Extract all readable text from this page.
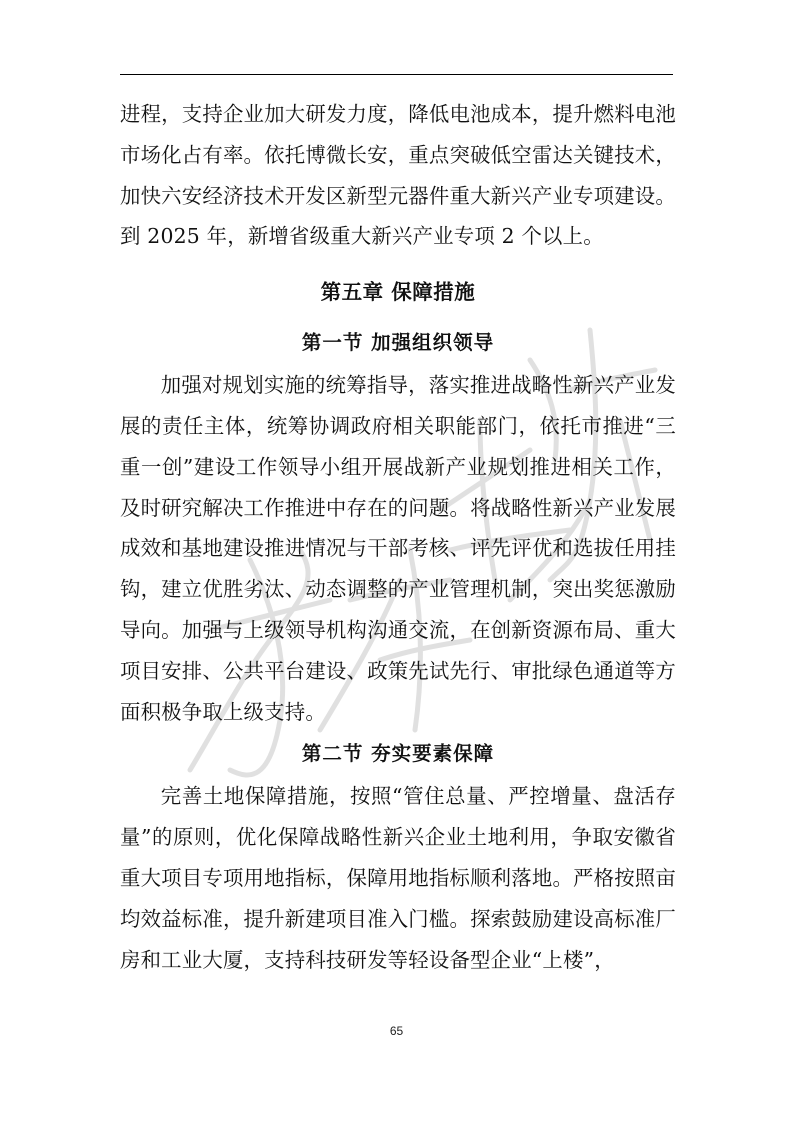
进程，支持企业加大研发力度，降低电池成本，提升燃料电池市场化占有率。依托博微长安，重点突破低空雷达关键技术，加快六安经济技术开发区新型元器件重大新兴产业专项建设。到 2025 年，新增省级重大新兴产业专项 2 个以上。

第五章 保障措施
第一节 加强组织领导

加强对规划实施的统筹指导，落实推进战略性新兴产业发展的责任主体，统筹协调政府相关职能部门，依托市推进“三重一创”建设工作领导小组开展战新产业规划推进相关工作，及时研究解决工作推进中存在的问题。将战略性新兴产业发展成效和基地建设推进情况与干部考核、评先评优和选拔任用挂钩，建立优胜劣汰、动态调整的产业管理机制，突出奖惩激励导向。加强与上级领导机构沟通交流，在创新资源布局、重大项目安排、公共平台建设、政策先试先行、审批绿色通道等方面积极争取上级支持。

第二节 夯实要素保障

完善土地保障措施，按照“管住总量、严控增量、盘活存量”的原则，优化保障战略性新兴企业土地利用，争取安徽省重大项目专项用地指标，保障用地指标顺利落地。严格按照亩均效益标准，提升新建项目准入门槛。探索鼓励建设高标准厂房和工业大厦，支持科技研发等轻设备型企业“上楼”，

65
